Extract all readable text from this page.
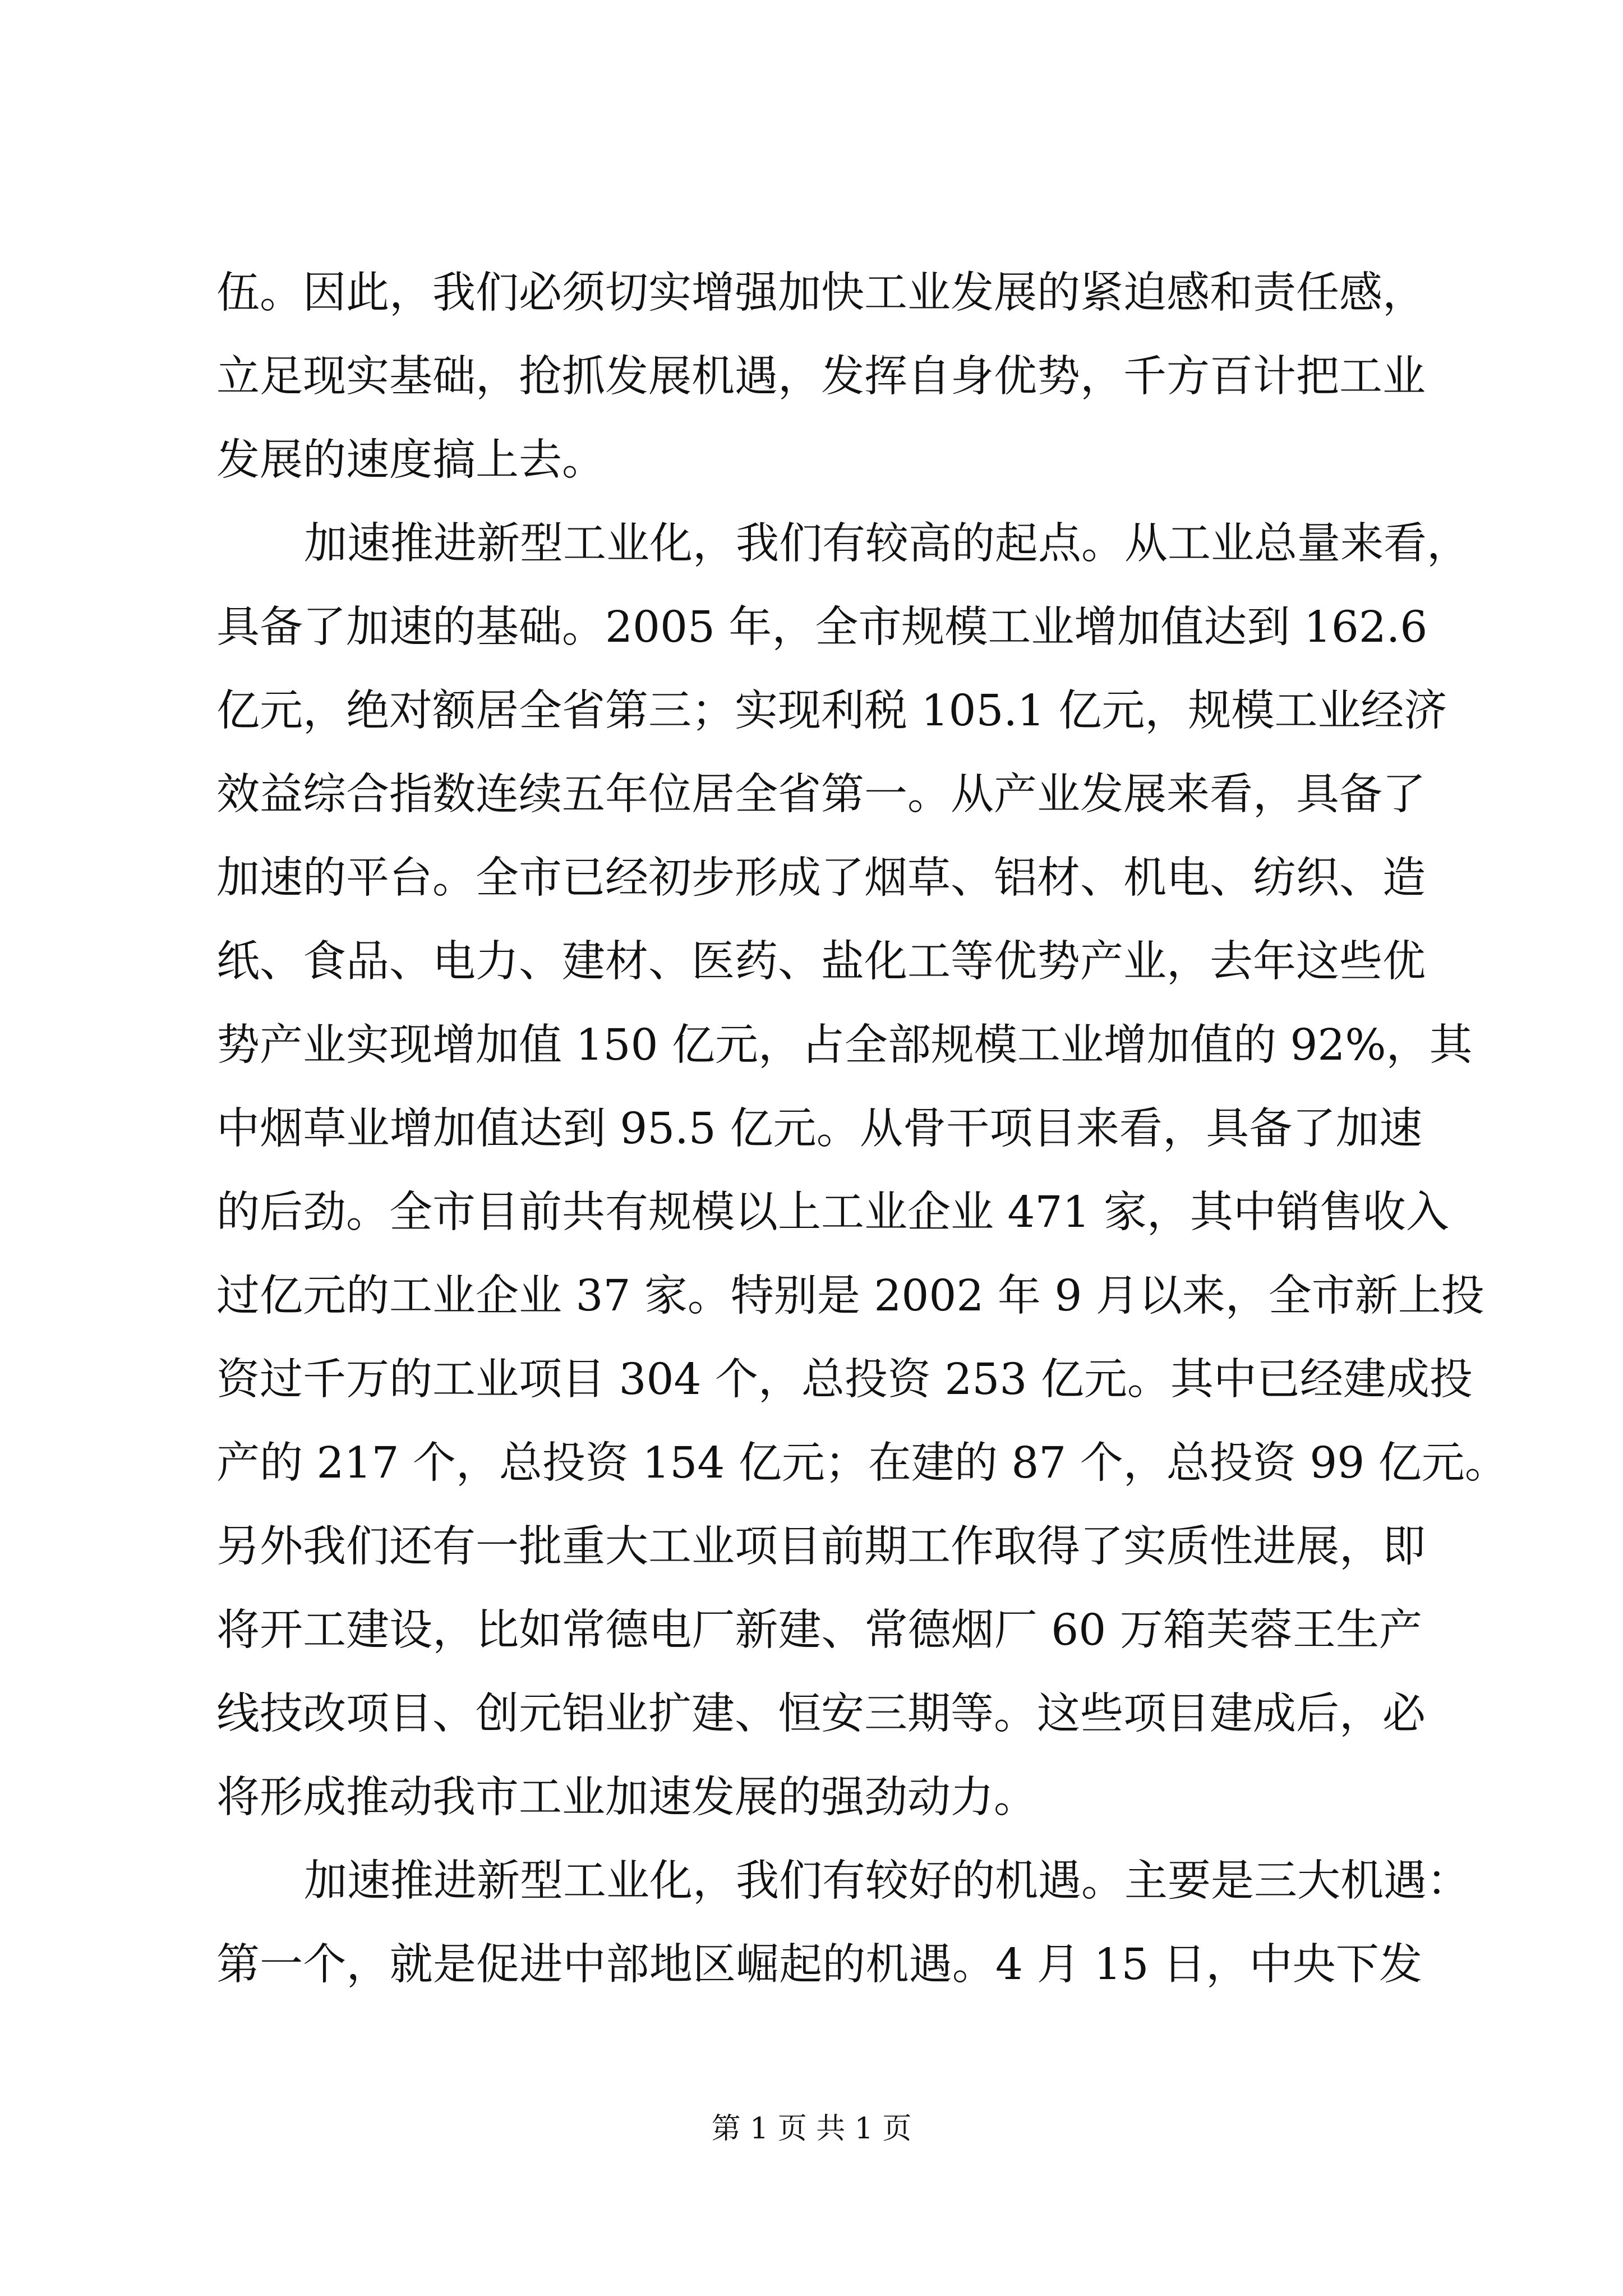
伍。因此，我们必须切实增强加快工业发展的紧迫感和责任感，
立足现实基础，抢抓发展机遇，发挥自身优势，千方百计把工业
发展的速度搞上去。
加速推进新型工业化，我们有较高的起点。从工业总量来看，
具备了加速的基础。2005 年，全市规模工业增加值达到 162.6
亿元，绝对额居全省第三；实现利税 105.1 亿元，规模工业经济
效益综合指数连续五年位居全省第一。从产业发展来看，具备了
加速的平台。全市已经初步形成了烟草、铝材、机电、纺织、造
纸、食品、电力、建材、医药、盐化工等优势产业，去年这些优
势产业实现增加值 150 亿元，占全部规模工业增加值的 92%，其
中烟草业增加值达到 95.5 亿元。从骨干项目来看，具备了加速
的后劲。全市目前共有规模以上工业企业 471 家，其中销售收入
过亿元的工业企业 37 家。特别是 2002 年 9 月以来，全市新上投
资过千万的工业项目 304 个，总投资 253 亿元。其中已经建成投
产的 217 个，总投资 154 亿元；在建的 87 个，总投资 99 亿元。
另外我们还有一批重大工业项目前期工作取得了实质性进展，即
将开工建设，比如常德电厂新建、常德烟厂 60 万箱芙蓉王生产
线技改项目、创元铝业扩建、恒安三期等。这些项目建成后，必
将形成推动我市工业加速发展的强劲动力。
加速推进新型工业化，我们有较好的机遇。主要是三大机遇：
第一个，就是促进中部地区崛起的机遇。4 月 15 日，中央下发
第 1 页 共 1 页
